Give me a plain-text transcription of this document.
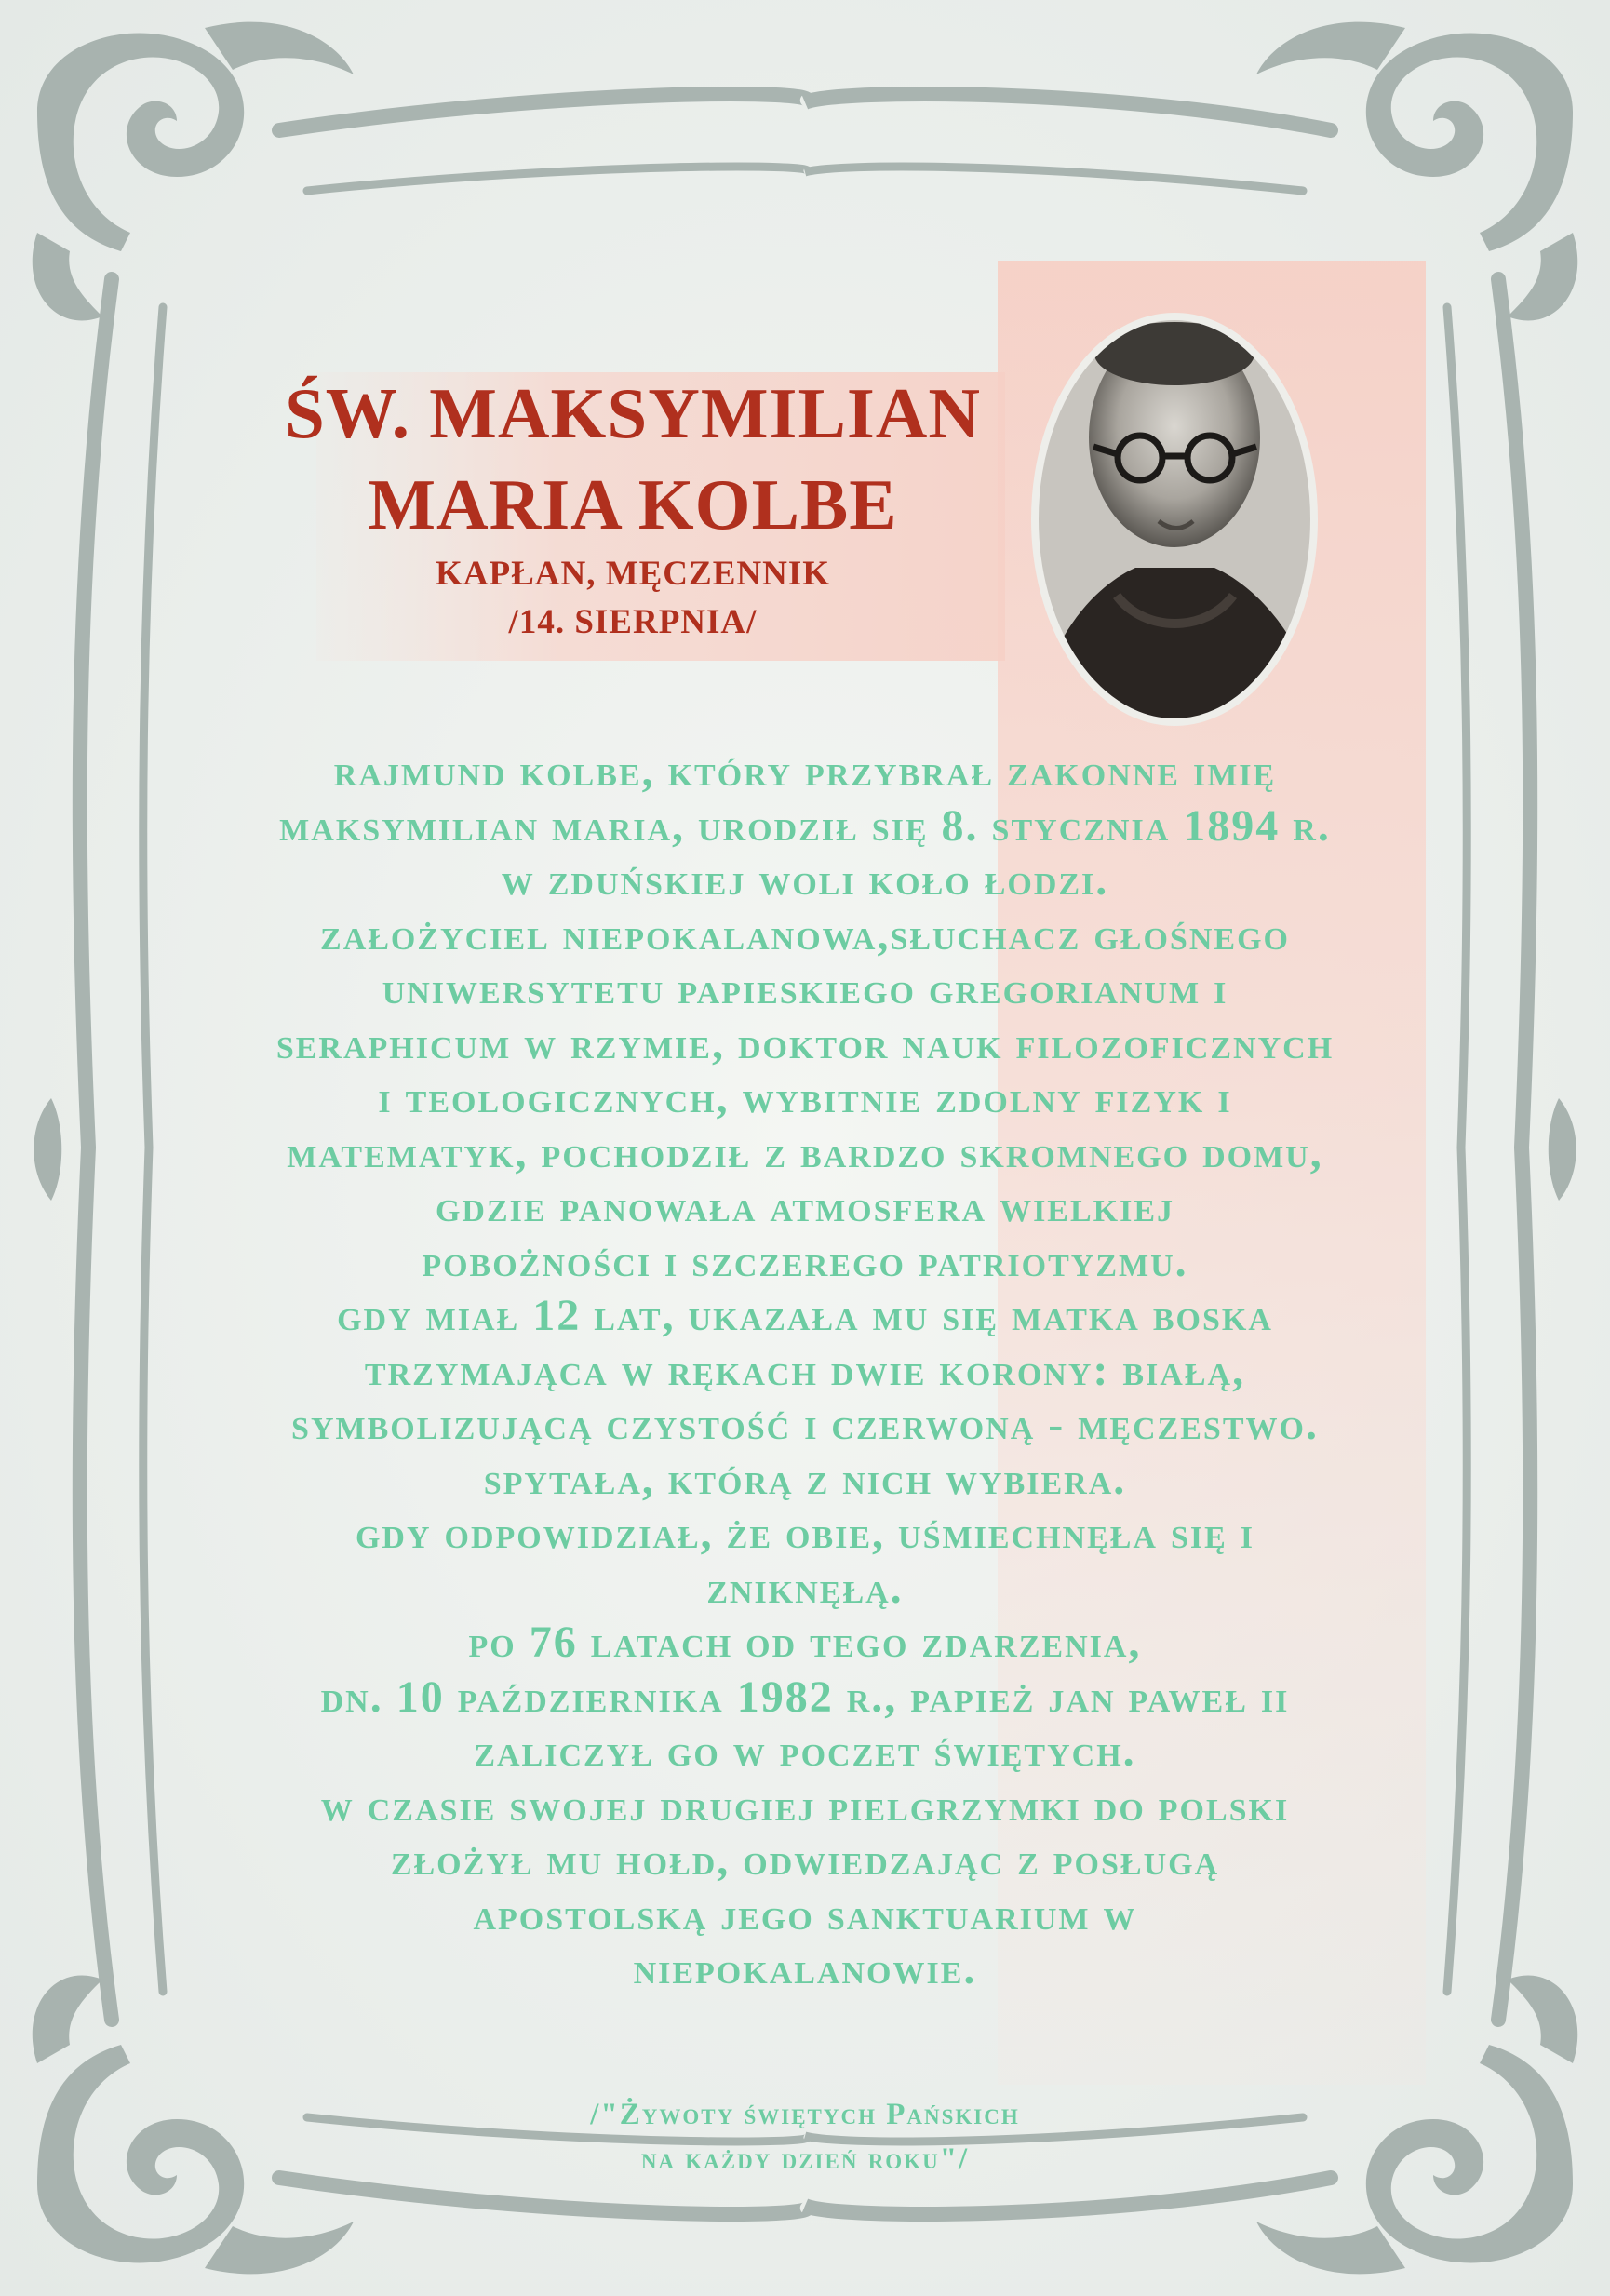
ŚW. MAKSYMILIAN
MARIA KOLBE
KAPŁAN, MĘCZENNIK
/14. SIERPNIA/
rajmund kolbe, który przybrał zakonne imię
maksymilian maria, urodził się 8. stycznia 1894 r.
w zduńskiej woli koło łodzi.
założyciel niepokalanowa,słuchacz głośnego
uniwersytetu papieskiego gregorianum i
seraphicum w rzymie, doktor nauk filozoficznych
i teologicznych, wybitnie zdolny fizyk i
matematyk, pochodził z bardzo skromnego domu,
gdzie panowała atmosfera wielkiej
pobożności i szczerego patriotyzmu.
gdy miał 12 lat, ukazała mu się matka boska
trzymająca w rękach dwie korony: białą,
symbolizującą czystość i czerwoną - męczestwo.
spytała, którą z nich wybiera.
gdy odpowidział, że obie, uśmiechnęła się i
zniknęłą.
po 76 latach od tego zdarzenia,
dn. 10 października 1982 r., papież jan paweł ii
zaliczył go w poczet świętych.
w czasie swojej drugiej pielgrzymki do polski
złożył mu hołd, odwiedzając z posługą
apostolską jego sanktuarium w
niepokalanowie.
/"Żywoty świętych Pańskich
na każdy dzień roku"/
